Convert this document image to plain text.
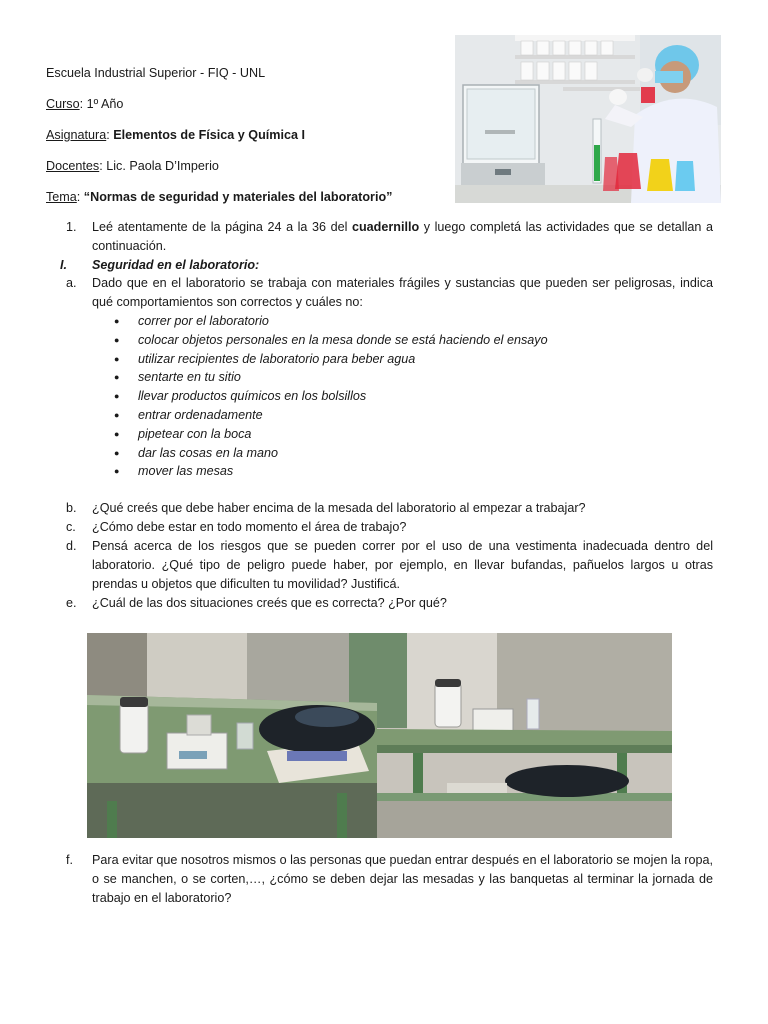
Escuela Industrial Superior - FIQ - UNL

Curso: 1º Año

Asignatura: Elementos de Física y Química I

Docentes: Lic. Paola D’Imperio

Tema: “Normas de seguridad y materiales del laboratorio”

1.	Leé atentamente de la página 24 a la 36 del cuadernillo y luego completá las actividades que se detallan a continuación.
I. Seguridad en el laboratorio:
a.	Dado que en el laboratorio se trabaja con materiales frágiles y sustancias que pueden ser peligrosas, indica qué comportamientos son correctos y cuáles no:
● correr por el laboratorio
● colocar objetos personales en la mesa donde se está haciendo el ensayo
● utilizar recipientes de laboratorio para beber agua
● sentarte en tu sitio
● llevar productos químicos en los bolsillos
● entrar ordenadamente
● pipetear con la boca
● dar las cosas en la mano
● mover las mesas
b.	¿Qué creés que debe haber encima de la mesada del laboratorio al empezar a trabajar?
c.	¿Cómo debe estar en todo momento el área de trabajo?
d.	Pensá acerca de los riesgos que se pueden correr por el uso de una vestimenta inadecuada dentro del laboratorio. ¿Qué tipo de peligro puede haber, por ejemplo, en llevar bufandas, pañuelos largos u otras prendas u objetos que dificulten tu movilidad? Justificá.
e.	¿Cuál de las dos situaciones creés que es correcta? ¿Por qué?
f.	Para evitar que nosotros mismos o las personas que puedan entrar después en el laboratorio se mojen la ropa, o se manchen, o se corten,…, ¿cómo se deben dejar las mesadas y las banquetas al terminar la jornada de trabajo en el laboratorio?
